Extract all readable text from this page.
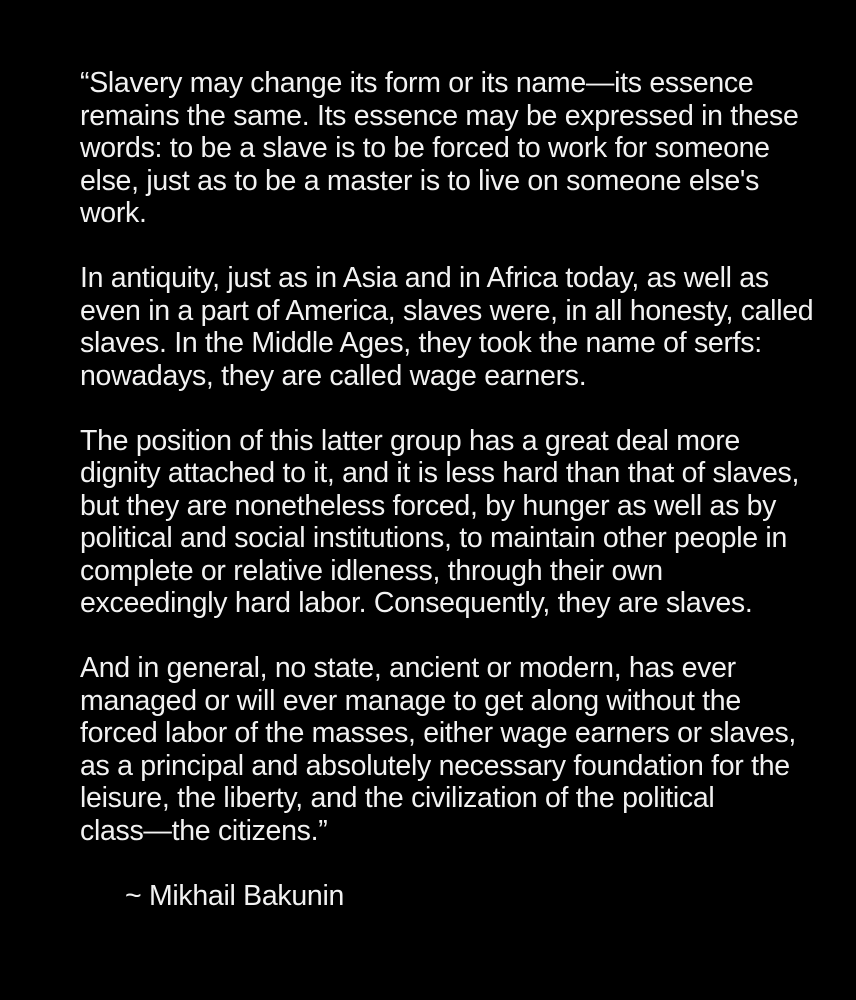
“Slavery may change its form or its name—its essence
remains the same. Its essence may be expressed in these
words: to be a slave is to be forced to work for someone
else, just as to be a master is to live on someone else's
work.
In antiquity, just as in Asia and in Africa today, as well as
even in a part of America, slaves were, in all honesty, called
slaves. In the Middle Ages, they took the name of serfs:
nowadays, they are called wage earners.
The position of this latter group has a great deal more
dignity attached to it, and it is less hard than that of slaves,
but they are nonetheless forced, by hunger as well as by
political and social institutions, to maintain other people in
complete or relative idleness, through their own
exceedingly hard labor. Consequently, they are slaves.
And in general, no state, ancient or modern, has ever
managed or will ever manage to get along without the
forced labor of the masses, either wage earners or slaves,
as a principal and absolutely necessary foundation for the
leisure, the liberty, and the civilization of the political
class—the citizens.”
~ Mikhail Bakunin
